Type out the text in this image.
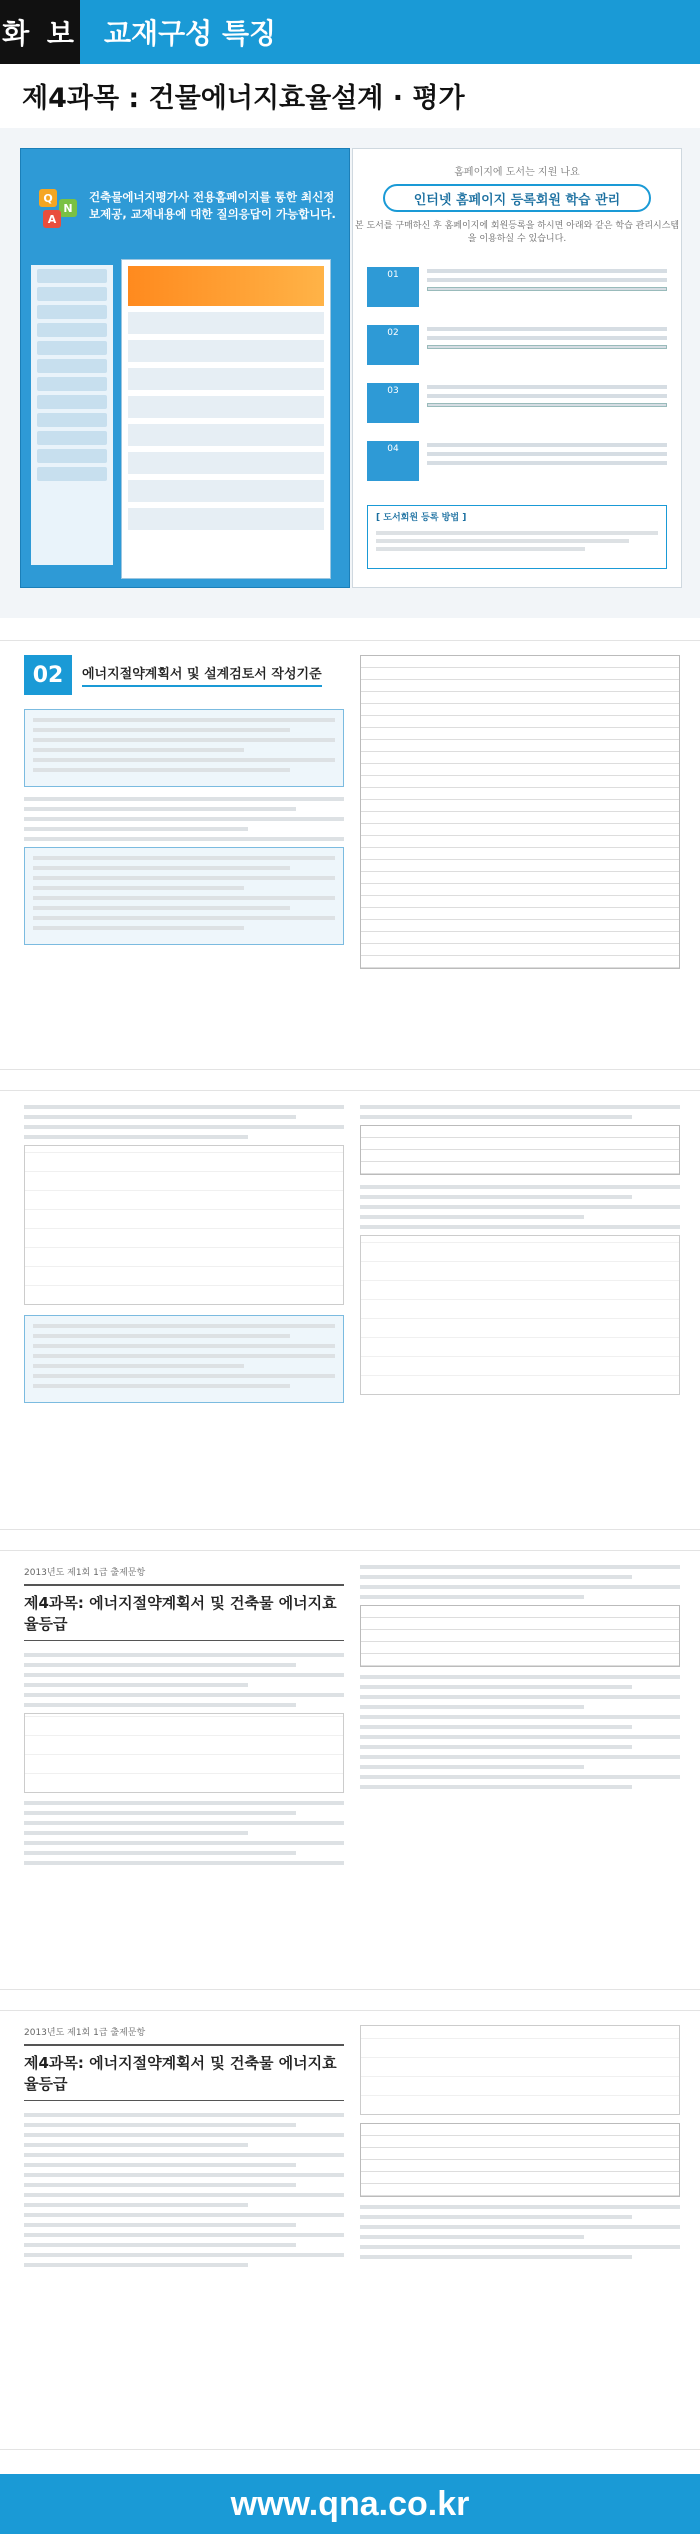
화 보 교재구성 특징
제4과목 : 건물에너지효율설계 · 평가
Q
N
A
건축물에너지평가사 전용홈페이지를 통한 최신정보제공, 교재내용에 대한 질의응답이 가능합니다.
홈페이지에 도서는 지원 나요
인터넷 홈페이지 등록회원 학습 관리
본 도서를 구매하신 후 홈페이지에 회원등록을 하시면 아래와 같은 학습 관리시스템을 이용하실 수 있습니다.
01
02
03
04
[ 도서회원 등록 방법 ]
02	에너지절약계획서 및 설계검토서 작성기준
2013년도 제1회 1급 출제문항
제4과목: 에너지절약계획서 및 건축물 에너지효율등급
2013년도 제1회 1급 출제문항
제4과목: 에너지절약계획서 및 건축물 에너지효율등급
www.qna.co.kr
